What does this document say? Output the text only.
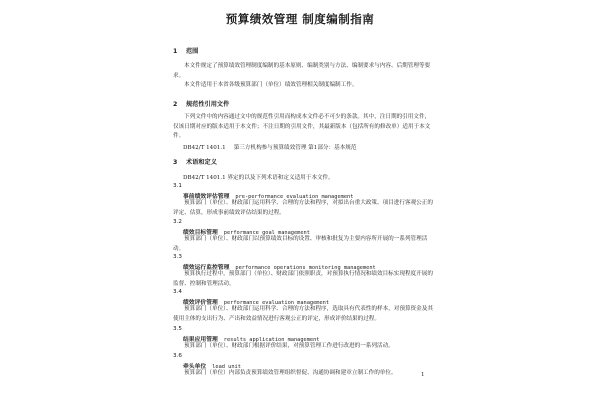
预算绩效管理 制度编制指南
1 范围
本文件规定了预算绩效管理制度编制的基本原则、编制类别与方法、编制要求与内容、后期管理等要求。
本文件适用于本省各级预算部门（单位）绩效管理相关制度编制工作。
2 规范性引用文件
下列文件中的内容通过文中的规范性引用而构成本文件必不可少的条款。其中，注日期的引用文件，仅该日期对应的版本适用于本文件；不注日期的引用文件，其最新版本（包括所有的修改单）适用于本文件。
DB42/T 1401.1 第三方机构参与预算绩效管理 第1部分：基本规范
3 术语和定义
DB42/T 1401.1 界定的以及下列术语和定义适用于本文件。
3.1
事前绩效评估管理 pre-performance evaluation management
预算部门（单位）、财政部门运用科学、合理的方法和程序，对拟出台重大政策、项目进行客观公正的评定、估算，形成事前绩效评估结果的过程。
3.2
绩效目标管理 performance goal management
预算部门（单位）、财政部门以预算绩效目标的设置、审核和批复为主要内容所开展的一系列管理活动。
3.3
绩效运行监控管理 performance operations monitoring management
预算执行过程中，预算部门（单位）、财政部门依照职责，对预算执行情况和绩效目标实现程度开展的监督、控制和管理活动。
3.4
绩效评价管理 performance evaluation management
预算部门（单位）、财政部门运用科学、合理的方法和程序，选取具有代表性的样本，对预算资金及其使用主体的支出行为、产出和效益情况进行客观公正的评定，形成评价结果的过程。
3.5
结果应用管理 results application management
预算部门（单位）、财政部门根据评价结果，对预算管理工作进行改进的一系列活动。
3.6
牵头单位 lead unit
预算部门（单位）内部负责预算绩效管理组织督促、沟通协调和建章立制工作的单位。	1
